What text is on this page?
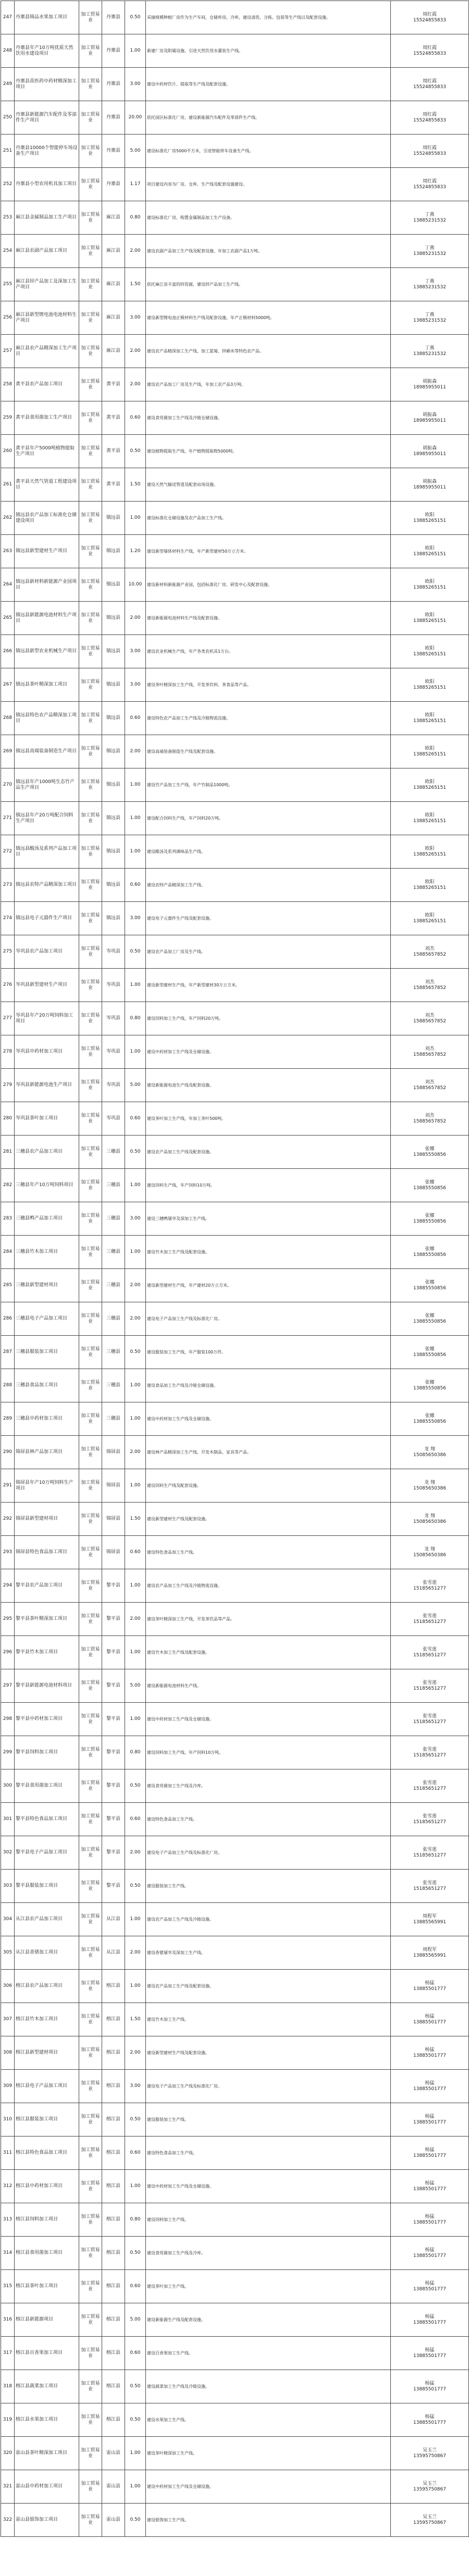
247	丹寨县锦品水果加工项目	加工贸易业	丹寨县	0.50	采摘规模种植厂房作为生产车间，仓储库房，冷库，建设清洗、分拣、包装等生产线以及配套设施。	周红霞
15524855833
248	丹寨县年产10万吨优质天然饮用水建设项目	加工贸易业	丹寨县	1.00	新建厂房及附属设施，引进天然饮用水灌装生产线。	周红霞
15524855833
249	丹寨县苗医药中药材精深加工项目	加工贸易业	丹寨县	3.00	建设中药材饮片、提取等生产线及配套设施。	周红霞
15524855833
250	丹寨县新能源汽车配件及零部件生产项目	加工贸易业	丹寨县	20.00	依托园区标准化厂房，建设新能源汽车配件及零部件生产线。	周红霞
15524855833
251	丹寨县10000个智能停车场设备生产项目	加工贸易业	丹寨县	5.00	建设标准化厂房5000平方米，引进智能停车设备生产线。	周红霞
15524855833
252	丹寨县小型农用机具加工项目	加工贸易业	丹寨县	1.17	项目建设内容为厂房、仓库、生产线及配套设施建设。	周红霞
15524855833
253	麻江县金属制品加工生产项目	加工贸易业	麻江县	0.80	建设标准化厂房，购置金属制品加工生产设备。	丁燕
13885231532
254	麻江县农副产品加工项目	加工贸易业	麻江县	2.00	建设农副产品加工生产线及配套设施，年加工农副产品1万吨。	丁燕
13885231532
255	麻江县锌产品加工及深加工生产项目	加工贸易业	麻江县	1.50	依托麻江县丰富的锌资源，建设锌产品加工生产线。	丁燕
13885231532
256	麻江县新型锂电池电池材料生产项目	加工贸易业	麻江县	3.00	建设新型锂电池正极材料生产线及配套设施，年产正极材料5000吨。	丁燕
13885231532
257	麻江县农产品精深加工生产项目	加工贸易业	麻江县	2.00	建设农产品精深加工生产线，加工蓝莓、锌硒米等特色农产品。	丁燕
13885231532
258	黄平县农产品加工项目	加工贸易业	黄平县	2.00	建设农产品加工厂房及生产线，年加工农产品3万吨。	胡振森
18985955011
259	黄平县食用菌加工生产项目	加工贸易业	黄平县	0.60	建设食用菌加工生产线及冷链仓储设施。	胡振森
18985955011
260	黄平县年产5000吨植物提取生产项目	加工贸易业	黄平县	0.50	建设植物提取生产线，年产植物提取物5000吨。	胡振森
18985955011
261	黄平县天然气管道工程建设项目	加工贸易业	黄平县	1.50	建设天然气输送管道及配套站场设施。	胡振森
18985955011
262	镇远县农产品加工标准化仓储建设项目	加工贸易业	镇远县	1.00	建设标准化仓储设施及农产品加工生产线。	欧阳
13885265151
263	镇远县新型建材生产项目	加工贸易业	镇远县	1.20	建设新型墙体材料生产线，年产新型建材50万立方米。	欧阳
13885265151
264	镇远县新材料新能源产业园项目	加工贸易业	镇远县	10.00	建设新材料新能源产业园，包括标准化厂房、研发中心及配套设施。	欧阳
13885265151
265	镇远县新能源电池材料生产项目	加工贸易业	镇远县	2.00	建设新能源电池材料生产线及配套设施。	欧阳
13885265151
266	镇远县新型农业机械生产项目	加工贸易业	镇远县	3.00	建设农业机械生产线，年产各类农机具1万台。	欧阳
13885265151
267	镇远县茶叶精深加工项目	加工贸易业	镇远县	3.00	建设茶叶精深加工生产线，开发茶饮料、茶食品等产品。	欧阳
13885265151
268	镇远县特色农产品精深加工项目	加工贸易业	镇远县	0.60	建设特色农产品加工生产线及冷链物流设施。	欧阳
13885265151
269	镇远县高端装备制造生产项目	加工贸易业	镇远县	2.00	建设高端装备制造生产线及配套设施。	欧阳
13885265151
270	镇远县年产1000吨生态竹产品生产项目	加工贸易业	镇远县	1.00	建设竹产品加工生产线，年产竹制品1000吨。	欧阳
13885265151
271	镇远县年产20万吨配合饲料生产项目	加工贸易业	镇远县	1.00	建设配合饲料生产线，年产饲料20万吨。	欧阳
13885265151
272	镇远县酸汤及系列产品加工项目	加工贸易业	镇远县	1.00	建设酸汤及系列调味品生产线。	欧阳
13885265151
273	镇远县农特产品精深加工项目	加工贸易业	镇远县	0.60	建设农特产品精深加工生产线。	欧阳
13885265151
274	镇远县电子元器件生产项目	加工贸易业	镇远县	3.00	建设电子元器件生产线及配套设施。	欧阳
13885265151
275	岑巩县农产品加工项目	加工贸易业	岑巩县	0.50	建设农产品加工厂房及生产线。	刘杰
15885657852
276	岑巩县新型建材生产项目	加工贸易业	岑巩县	1.00	建设新型建材生产线，年产新型建材30万立方米。	刘杰
15885657852
277	岑巩县年产20万吨饲料加工项目	加工贸易业	岑巩县	0.80	建设饲料加工生产线，年产饲料20万吨。	刘杰
15885657852
278	岑巩县中药材加工项目	加工贸易业	岑巩县	1.00	建设中药材加工生产线及仓储设施。	刘杰
15885657852
279	岑巩县新能源电池生产项目	加工贸易业	岑巩县	5.00	建设新能源电池生产线及配套设施。	刘杰
15885657852
280	岑巩县茶叶加工项目	加工贸易业	岑巩县	0.60	建设茶叶加工生产线，年加工茶叶500吨。	刘杰
15885657852
281	三穗县农产品加工项目	加工贸易业	三穗县	0.50	建设农产品加工生产线及配套设施。	张娜
13885550856
282	三穗县年产10万吨饲料项目	加工贸易业	三穗县	1.00	建设饲料生产线，年产饲料10万吨。	张娜
13885550856
283	三穗县鸭产品加工项目	加工贸易业	三穗县	3.00	建设三穗鸭屠宰及深加工生产线。	张娜
13885550856
284	三穗县竹木加工项目	加工贸易业	三穗县	1.00	建设竹木加工生产线及配套设施。	张娜
13885550856
285	三穗县新型建材项目	加工贸易业	三穗县	2.00	建设新型建材生产线，年产建材20万立方米。	张娜
13885550856
286	三穗县电子产品加工项目	加工贸易业	三穗县	2.00	建设电子产品加工生产线及标准化厂房。	张娜
13885550856
287	三穗县服装加工项目	加工贸易业	三穗县	0.50	建设服装加工生产线，年产服装100万件。	张娜
13885550856
288	三穗县食品加工项目	加工贸易业	三穗县	1.00	建设食品加工生产线及冷链仓储设施。	张娜
13885550856
289	三穗县中药材加工项目	加工贸易业	三穗县	1.00	建设中药材加工生产线及仓储设施。	张娜
13885550856
290	锦屏县林产品加工项目	加工贸易业	锦屏县	2.00	建设林产品精深加工生产线，开发木制品、家具等产品。	龙 翔
15085650386
291	锦屏县年产10万吨饲料生产项目	加工贸易业	锦屏县	1.00	建设饲料生产线及配套设施。	龙 翔
15085650386
292	锦屏县新型建材项目	加工贸易业	锦屏县	1.50	建设新型建材生产线及配套设施。	龙 翔
15085650386
293	锦屏县特色食品加工项目	加工贸易业	锦屏县	0.60	建设特色食品加工生产线。	龙 翔
15085650386
294	黎平县农产品加工项目	加工贸易业	黎平县	1.00	建设农产品加工生产线及冷链物流设施。	张雪莲
15185651277
295	黎平县茶叶精深加工项目	加工贸易业	黎平县	2.00	建设茶叶精深加工生产线，开发茶饮品等产品。	张雪莲
15185651277
296	黎平县竹木加工项目	加工贸易业	黎平县	1.00	建设竹木加工生产线及配套设施。	张雪莲
15185651277
297	黎平县新能源电池材料项目	加工贸易业	黎平县	5.00	建设新能源电池材料生产线。	张雪莲
15185651277
298	黎平县中药材加工项目	加工贸易业	黎平县	1.00	建设中药材加工生产线及仓储设施。	张雪莲
15185651277
299	黎平县饲料加工项目	加工贸易业	黎平县	0.80	建设饲料加工生产线，年产饲料10万吨。	张雪莲
15185651277
300	黎平县食用菌加工项目	加工贸易业	黎平县	0.50	建设食用菌加工生产线及冷库。	张雪莲
15185651277
301	黎平县特色食品加工项目	加工贸易业	黎平县	0.60	建设特色食品加工生产线。	张雪莲
15185651277
302	黎平县电子产品加工项目	加工贸易业	黎平县	2.00	建设电子产品加工生产线及标准化厂房。	张雪莲
15185651277
303	黎平县服装加工项目	加工贸易业	黎平县	0.50	建设服装加工生产线。	张雪莲
15185651277
304	从江县农产品加工项目	加工贸易业	从江县	1.00	建设农产品加工生产线及冷链设施。	周程军
13885565991
305	从江县香猪加工项目	加工贸易业	从江县	2.00	建设香猪屠宰及深加工生产线。	周程军
13885565991
306	榕江县农产品加工项目	加工贸易业	榕江县	1.00	建设农产品加工生产线及配套设施。	杨猛
13885501777
307	榕江县竹木加工项目	加工贸易业	榕江县	1.50	建设竹木加工生产线。	杨猛
13885501777
308	榕江县新型建材项目	加工贸易业	榕江县	2.00	建设新型建材生产线及配套设施。	杨猛
13885501777
309	榕江县电子产品加工项目	加工贸易业	榕江县	3.00	建设电子产品加工生产线及标准化厂房。	杨猛
13885501777
310	榕江县服装加工项目	加工贸易业	榕江县	0.50	建设服装加工生产线。	杨猛
13885501777
311	榕江县特色食品加工项目	加工贸易业	榕江县	0.60	建设特色食品加工生产线。	杨猛
13885501777
312	榕江县中药材加工项目	加工贸易业	榕江县	1.00	建设中药材加工生产线及仓储设施。	杨猛
13885501777
313	榕江县饲料加工项目	加工贸易业	榕江县	0.80	建设饲料加工生产线。	杨猛
13885501777
314	榕江县食用菌加工项目	加工贸易业	榕江县	0.50	建设食用菌加工生产线及冷库。	杨猛
13885501777
315	榕江县茶叶加工项目	加工贸易业	榕江县	0.60	建设茶叶加工生产线。	杨猛
13885501777
316	榕江县新能源项目	加工贸易业	榕江县	5.00	建设新能源生产线及配套设施。	杨猛
13885501777
317	榕江县百香果加工项目	加工贸易业	榕江县	0.60	建设百香果加工生产线。	杨猛
13885501777
318	榕江县蔬菜加工项目	加工贸易业	榕江县	0.50	建设蔬菜加工生产线及冷链设施。	杨猛
13885501777
319	榕江县水果加工项目	加工贸易业	榕江县	0.50	建设水果加工生产线。	杨猛
13885501777
320	雷山县茶叶精深加工项目	加工贸易业	雷山县	1.00	建设茶叶精深加工生产线。	吴玉兰
13595750867
321	雷山县中药材加工项目	加工贸易业	雷山县	1.00	建设中药材加工生产线及仓储设施。	吴玉兰
13595750867
322	雷山县银饰加工项目	加工贸易业	雷山县	0.50	建设银饰加工生产线。	吴玉兰
13595750867
